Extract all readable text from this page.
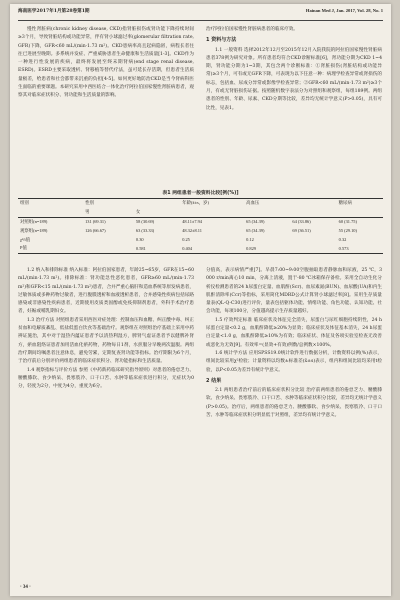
海南医学2017年1月第28卷第1期	Hainan Med J, Jan. 2017, Vol. 28, No. 1

慢性肾脏病(chronic kidney disease, CKD)指肾脏损伤或肾功能下降持续时间≥3个月，导致肾脏结构或功能异常，伴有肾小球滤过率(glomerular filtration rate, GFR)下降，GFR<60 mL/(min·1.73 m²)。CKD患病率高且起病隐匿，病程长者往往已进展至晚期。多系统并发症、严重威胁患者生命健康和生活质量[1-3]。CKD作为一种进行性发展的疾病，最终将发展至终末期肾病(end stage renal disease, ESRD)。ESRD主要采取透析、肾移植等替代疗法，虽可延长存活期，但患者生活质量极差，给患者和社会都带来沉重的负担[4-5]。如何更好地防治CKD是当今肾病科医生面临的重要课题。本研究采用中西医结合一体化治疗阿拉伯国家慢性肾脏病患者，观察其对临床症状积分、肾功能和生活质量的影响。

治疗阿拉伯国家慢性肾脏病患者的临床疗效。

1 资料与方法

1.1 一般资料 选择2012年12月至2015年12月入院我院的阿拉伯国家慢性肾脏病患者378例为研究对象。所有患者均符合CKD诊断标准[6]，肾功能分期为CKD 1~4期，肾功能分期为1~3期，其包含两个诊断标准：①肾脏损伤(肾脏结构或功能异常)≥3个月，可有或无GFR下降，可表现为以下任意一种：病理学检查异常或肾损伤的标志，包括血、尿成分异常或影像学检查异常；②GFR<60 mL/(min·1.73 m²)≥3个月，有或无肾脏损伤证据。按照随机数字表法分为对照组和观察组，每组189例。两组患者的性别、年龄、尿素、CKD分期等比较，差异均无统计学意义(P>0.05)，具有可比性，见表1。

表1 两组患者一般资料比较[例(%)]
组别	性别		年龄(x̄±s，岁)	高血压		糖尿病
	男	女				
对照组(n=189)	131 (69.31)	58 (30.69)	48.11±7.94	65 (34.39)	64 (33.86)	60 (31.75)
观察组(n=189)	126 (66.67)	63 (33.33)	48.32±8.11	65 (34.39)	69 (36.51)	55 (29.10)
χ²/t值		0.30	0.25	0.12		0.32
P值		0.581	0.404	0.829		0.573

1.2 纳入和排除标准 纳入标准：阿拉伯国家患者，年龄25~65岁，GFR在15~60 mL/(min·1.73 m²)。排除标准：肾功能急性恶化患者，GFR≥60 mL/(min·1.73 m²)和GFR<15 mL/(min·1.73 m²)患者，合并严重心脑肝和造血系统等原发病患者，过敏体质或多种药物过敏者，进行腹膜透析和血液透析患者，合并感染性疾病包括尿路感染或非感染性疾病患者，近期使用皮质类固醇或免疫抑制剂患者，外科手术治疗患者，妊娠或哺乳期妇女。

1.3 治疗方法 对照组患者采用西医对症处理：控制血压和血糖、纠正酸中毒、纠正贫血和电解质紊乱、低盐低蛋白饮食等基础治疗。观察组在对照组治疗基础上采用中药辨证施治，其中对于湿热内蕴证患者予以清热利湿方，脾肾气虚证患者予以健脾补肾方，瘀血阻络证患者加用活血化瘀药物，药物每日1剂，水煎服分早晚两次温服。两组治疗期间均嘱患者注意休息，避免劳累，定期复查肾功能等指标。治疗期限为6个月，于治疗前后分别评价两组患者的临床症状积分、肾功能指标和生活质量。

1.4 观察指标与评价方法 参照《中药新药临床研究指导原则》对患者的倦怠乏力、腰酸膝软、食少纳呆、畏寒肢冷、口干口苦、水肿等临床症状进行积分，无症状为0分，轻度为2分，中度为4分，重度为6分。

分值高，表示病情严重[7]。早晨7:00~9:00空腹抽取患者静脉血和尿液，25 ℃，3 000 r/min离心10 min，分离上清液，置于-80 ℃冰箱保存备检。采用全自动生化分析仪检测患者的24 h尿蛋白定量、血肌酐(Scr)、血尿素氮(BUN)、血尿酸(UA)和内生肌酐清除率(Ccr)等指标，采用简化MDRD公式计算肾小球滤过率[8]。采用生存质量量表(QL-Q-C30)进行评价，量表包括躯体功能、情绪功能、角色功能、认知功能、社会功能，每项100分，分值越高提示生存质量越好。

1.5 疗效判定标准 临床症状及体征完全消失，尿蛋白与尿红细胞持续阴性，24 h尿蛋白定量<0.2 g，血肌酐降低≥20%为显效；临床症状及体征基本消失，24 h尿蛋白定量<1.0 g，血肌酐降低≥10%为有效；临床症状、体征及各项实验室检查无改善或恶化为无效[9]。有效率=(显效+有效)例数/总例数×100%。

1.6 统计学方法 应用SPSS19.0统计软件进行数据分析，计数资料以例(%)表示，组间比较采用χ²检验；计量资料以均数±标准差(x̄±s)表示，组内和组间比较均采用t检验，以P<0.05为差异有统计学意义。

2 结果

2.1 两组患者治疗前后的临床症状积分比较 治疗前两组患者的倦怠乏力、腰酸膝软、食少纳呆、畏寒肢冷、口干口苦、水肿等临床症状积分比较，差异均无统计学意义(P>0.05)。治疗后，两组患者的倦怠乏力、腰酸膝软、食少纳呆、畏寒肢冷、口干口苦、水肿等临床症状积分明显低于对照组，差异均有统计学意义。

· 34 ·
